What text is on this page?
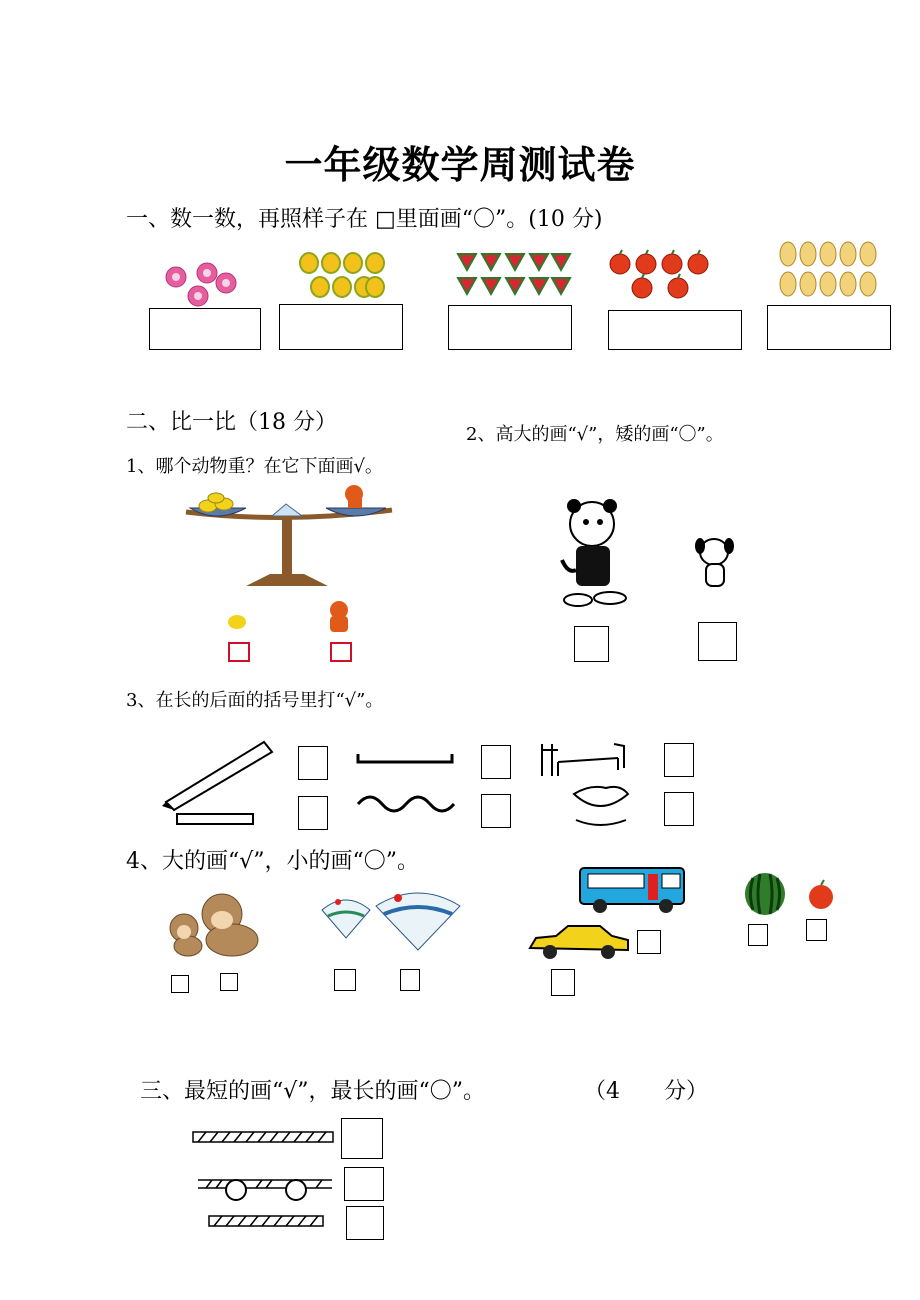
一年级数学周测试卷
一、数一数，再照样子在 □里面画“〇”。(10 分)
二、比一比（18 分）	2、高大的画“√”，矮的画“〇”。
1、哪个动物重？在它下面画√。
3、在长的后面的括号里打“√”。
4、大的画“√”，小的画“〇”。
三、最短的画“√”，最长的画“〇”。	（4　　分）
